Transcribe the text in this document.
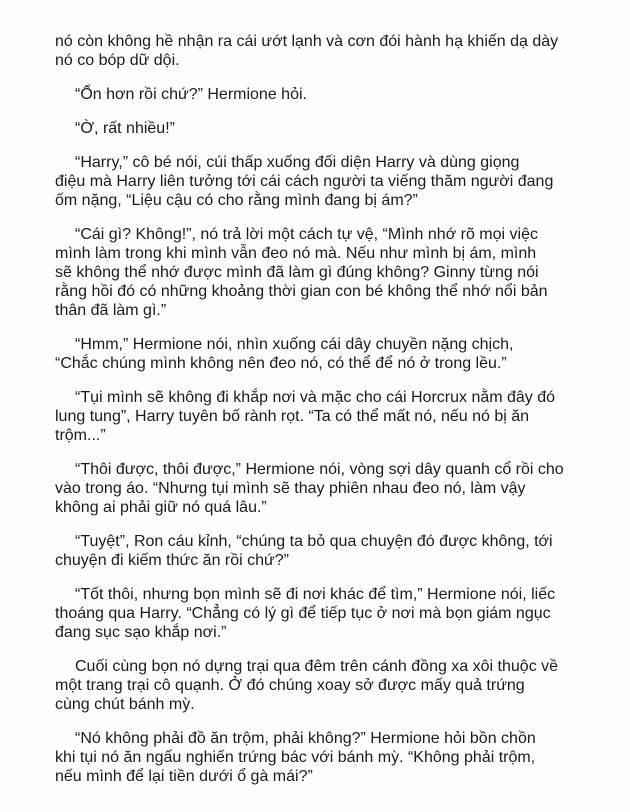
nó còn không hề nhận ra cái ướt lạnh và cơn đói hành hạ khiến dạ dày
nó co bóp dữ dội.

“Ổn hơn rồi chứ?” Hermione hỏi.

“Ờ, rất nhiều!”

“Harry,” cô bé nói, cúi thấp xuống đối diện Harry và dùng giọng
điệu mà Harry liên tưởng tới cái cách người ta viếng thăm người đang
ốm nặng, “Liệu cậu có cho rằng mình đang bị ám?”

“Cái gì? Không!”, nó trả lời một cách tự vệ, “Mình nhớ rõ mọi việc
mình làm trong khi mình vẫn đeo nó mà. Nếu như mình bị ám, mình
sẽ không thể nhớ được mình đã làm gì đúng không? Ginny từng nói
rằng hồi đó có những khoảng thời gian con bé không thể nhớ nổi bản
thân đã làm gì.”

“Hmm,” Hermione nói, nhìn xuống cái dây chuyền nặng chịch,
“Chắc chúng mình không nên đeo nó, có thể để nó ở trong lều.”

“Tụi mình sẽ không đi khắp nơi và mặc cho cái Horcrux nằm đây đó
lung tung”, Harry tuyên bố rành rọt. “Ta có thể mất nó, nếu nó bị ăn
trộm...”

“Thôi được, thôi được,” Hermione nói, vòng sợi dây quanh cổ rồi cho
vào trong áo. “Nhưng tụi mình sẽ thay phiên nhau đeo nó, làm vậy
không ai phải giữ nó quá lâu.”

“Tuyệt”, Ron cáu kỉnh, “chúng ta bỏ qua chuyện đó được không, tới
chuyện đi kiếm thức ăn rồi chứ?”

“Tốt thôi, nhưng bọn mình sẽ đi nơi khác để tìm,” Hermione nói, liếc
thoáng qua Harry. “Chẳng có lý gì để tiếp tục ở nơi mà bọn giám ngục
đang sục sạo khắp nơi.”

Cuối cùng bọn nó dựng trại qua đêm trên cánh đồng xa xôi thuộc về
một trang trại cô quạnh. Ở đó chúng xoay sở được mấy quả trứng
cùng chút bánh mỳ.

“Nó không phải đồ ăn trộm, phải không?” Hermione hỏi bồn chồn
khi tụi nó ăn ngấu nghiến trứng bác với bánh mỳ. “Không phải trộm,
nếu mình để lại tiền dưới ổ gà mái?”
